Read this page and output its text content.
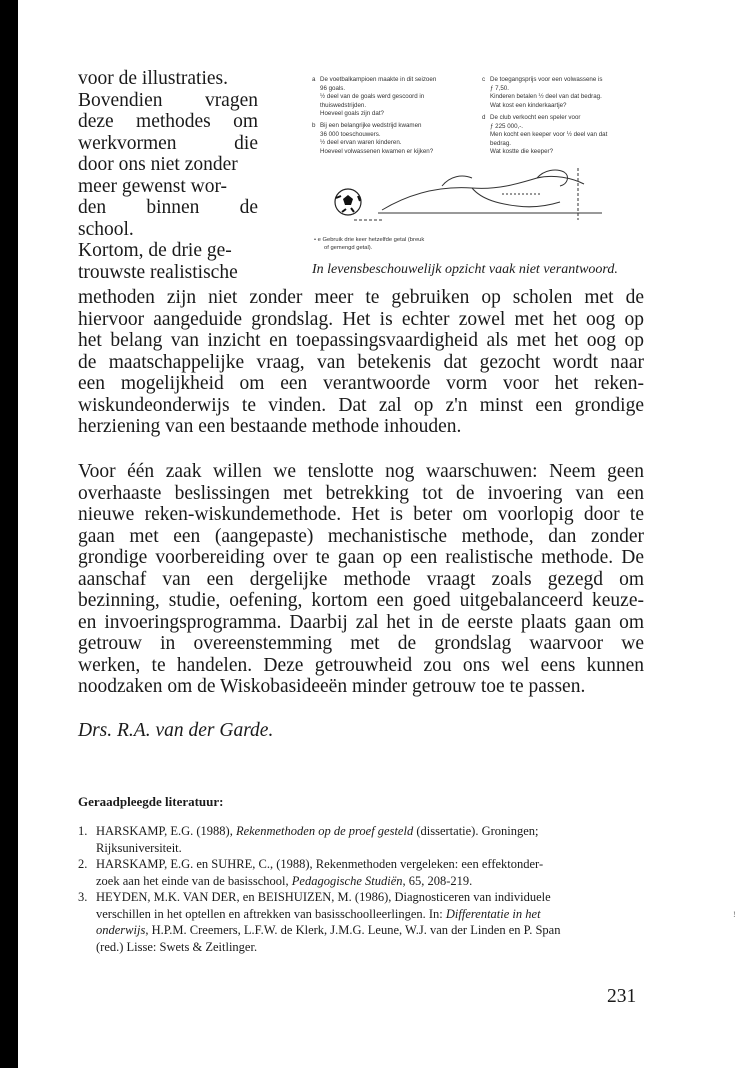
voor de illustraties.
Bovendien vragen
deze methodes om
werkvormen	die
door ons niet zonder
meer gewenst wor-
den binnen de
school.
Kortom, de drie ge-
trouwste realistische
a De voetbalkampioen maakte in dit seizoen
96 goals.
½ deel van de goals werd gescoord in
thuiswedstrijden.
Hoeveel goals zijn dat?
b Bij een belangrijke wedstrijd kwamen
36 000 toeschouwers.
½ deel ervan waren kinderen.
Hoeveel volwassenen kwamen er kijken?
c De toegangsprijs voor een volwassene is
ƒ 7,50.
Kinderen betalen ½ deel van dat bedrag.
Wat kost een kinderkaartje?
d De club verkocht een speler voor
ƒ 225 000,-.
Men kocht een keeper voor ½ deel van dat
bedrag.
Wat kostte die keeper?
• e Gebruik drie keer hetzelfde getal (breuk
of gemengd getal).
In levensbeschouwelijk opzicht vaak niet verantwoord.
methoden zijn niet zonder meer te gebruiken op scholen met de
hiervoor aangeduide grondslag. Het is echter zowel met het oog op
het belang van inzicht en toepassingsvaardigheid als met het oog op
de maatschappelijke vraag, van betekenis dat gezocht wordt naar
een mogelijkheid om een verantwoorde vorm voor het reken-
wiskundeonderwijs te vinden. Dat zal op z'n minst een grondige
herziening van een bestaande methode inhouden.
Voor één zaak willen we tenslotte nog waarschuwen: Neem geen
overhaaste beslissingen met betrekking tot de invoering van een
nieuwe reken-wiskundemethode. Het is beter om voorlopig door te
gaan met een (aangepaste) mechanistische methode, dan zonder
grondige voorbereiding over te gaan op een realistische methode. De
aanschaf van een dergelijke methode vraagt zoals gezegd om
bezinning, studie, oefening, kortom een goed uitgebalanceerd keuze-
en invoeringsprogramma. Daarbij zal het in de eerste plaats gaan om
getrouw in overeenstemming met de grondslag waarvoor we
werken, te handelen. Deze getrouwheid zou ons wel eens kunnen
noodzaken om de Wiskobasideeën minder getrouw toe te passen.
Drs. R.A. van der Garde.
Geraadpleegde literatuur:
1. HARSKAMP, E.G. (1988), Rekenmethoden op de proef gesteld (dissertatie). Groningen;
Rijksuniversiteit.
2. HARSKAMP, E.G. en SUHRE, C., (1988), Rekenmethoden vergeleken: een effektonder-
zoek aan het einde van de basisschool, Pedagogische Studiën, 65, 208-219.
3. HEYDEN, M.K. VAN DER, en BEISHUIZEN, M. (1986), Diagnosticeren van individuele
verschillen in het optellen en aftrekken van basisschoolleerlingen. In: Differentatie in het
onderwijs, H.P.M. Creemers, L.F.W. de Klerk, J.M.G. Leune, W.J. van der Linden en P. Span
(red.) Lisse: Swets & Zeitlinger.
231
!
